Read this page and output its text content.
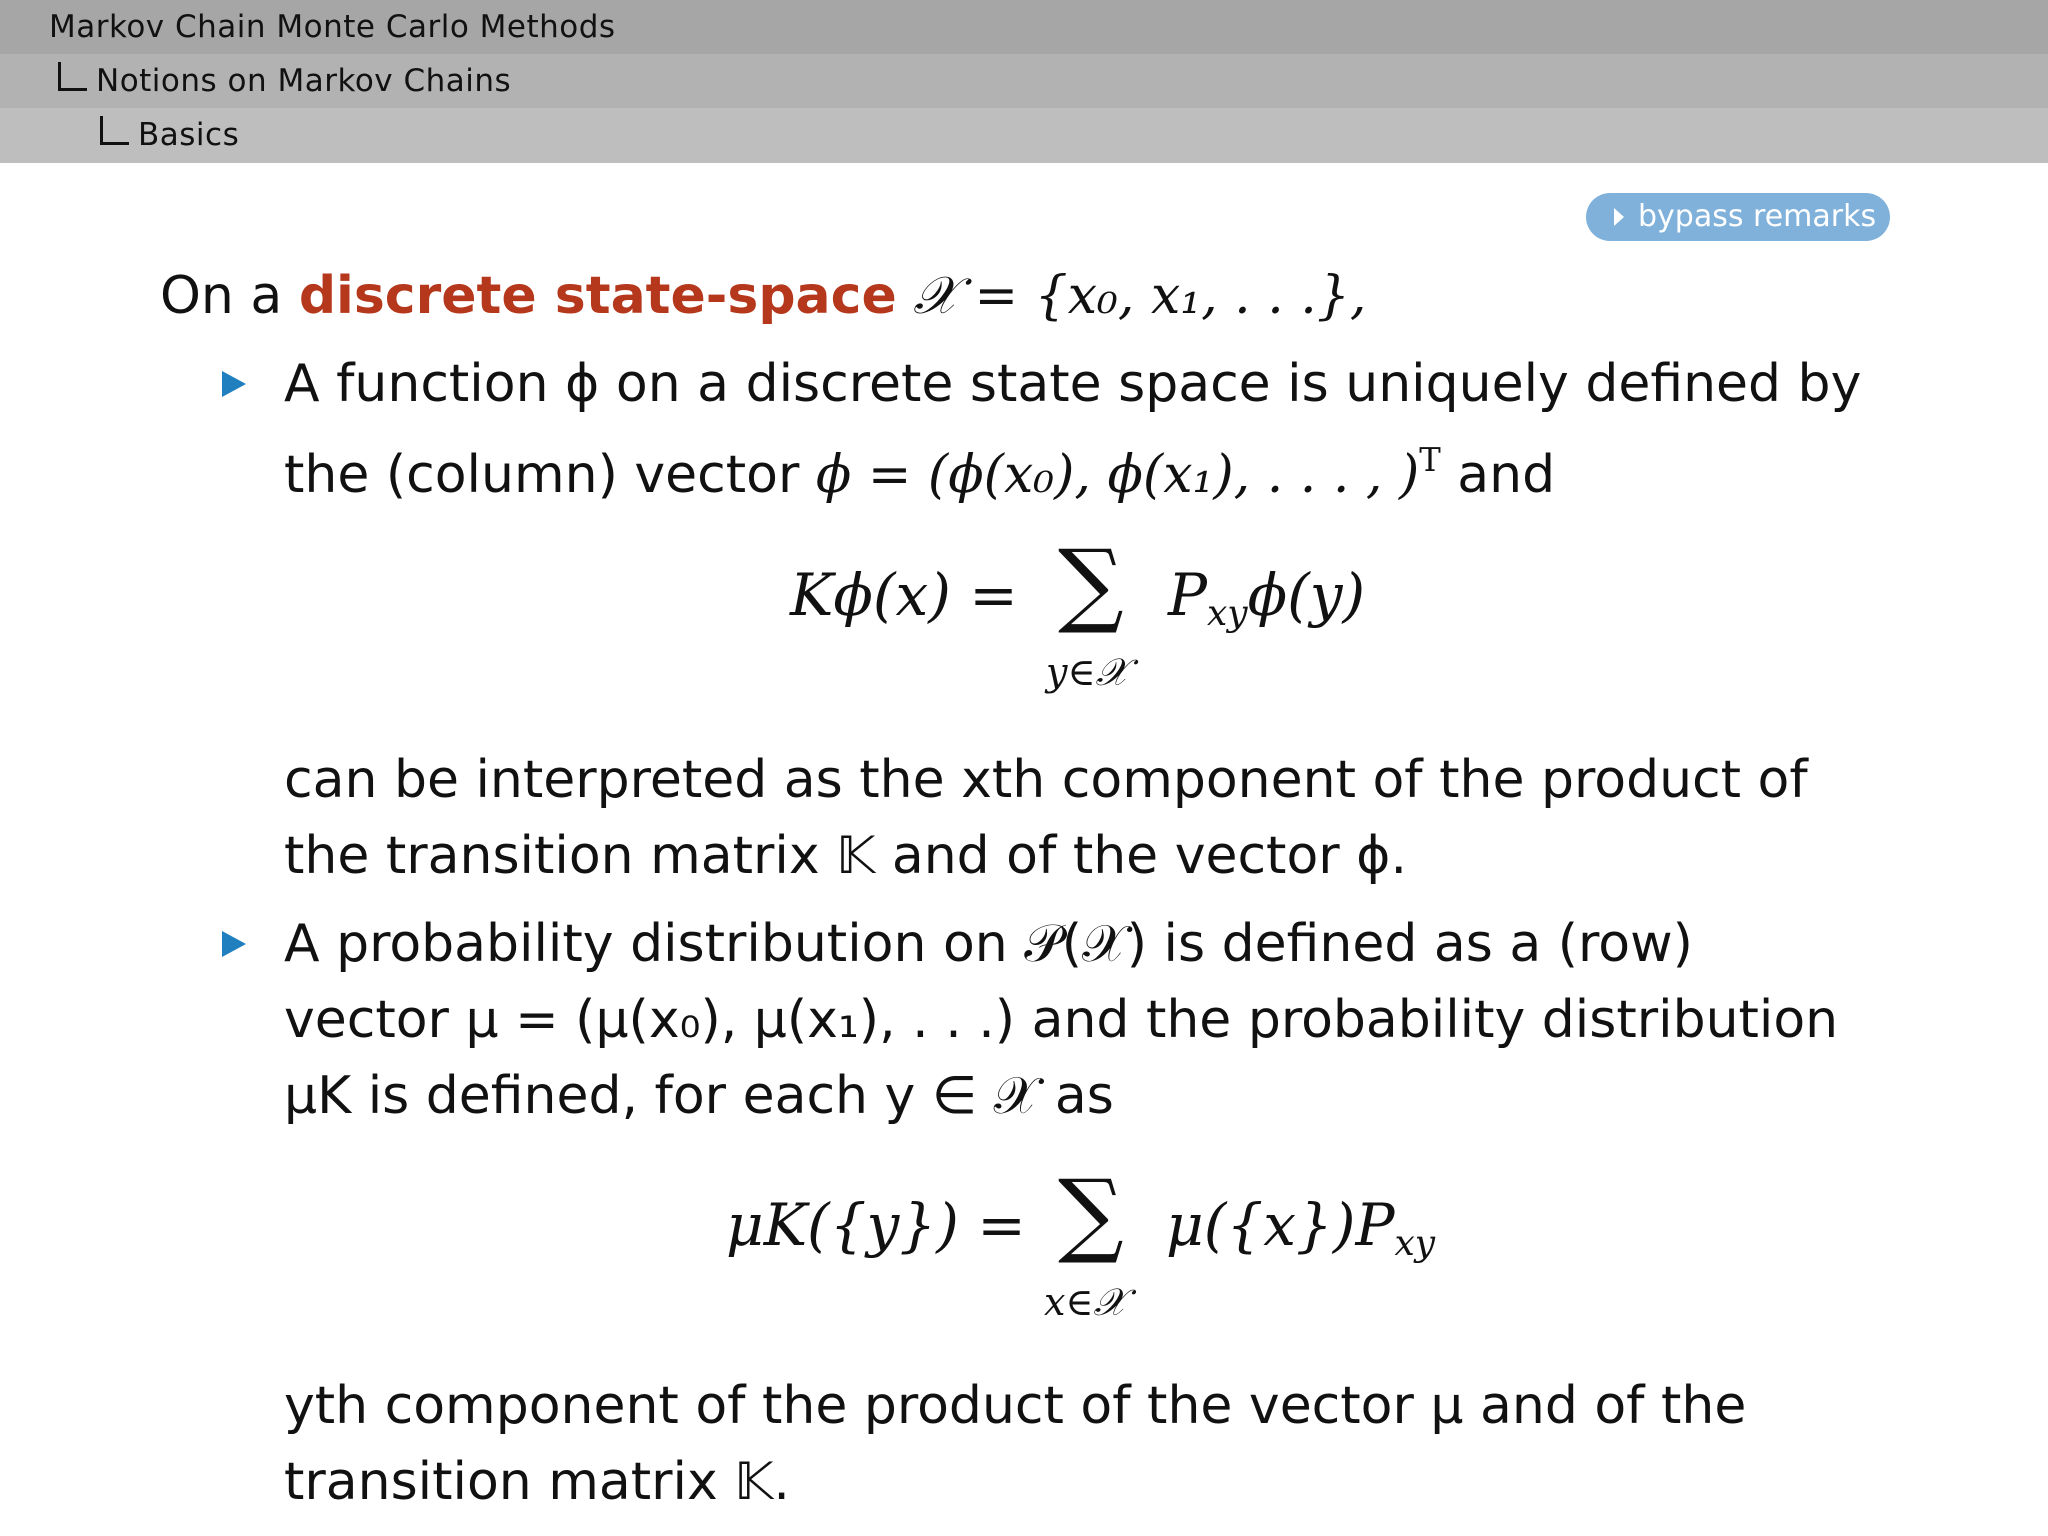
Markov Chain Monte Carlo Methods
Notions on Markov Chains
Basics
bypass remarks
On a discrete state-space 𝒳 = {x₀, x₁, . . .},
A function ϕ on a discrete state space is uniquely defined by
the (column) vector ϕ = (ϕ(x₀), ϕ(x₁), . . . , )$^T$ and
Kϕ(x) = ∑
y∈𝒳
$P_{xy}\phi(y)$
can be interpreted as the xth component of the product of
the transition matrix 𝕂 and of the vector ϕ.
A probability distribution on 𝒫(𝒳) is defined as a (row)
vector μ = (μ(x₀), μ(x₁), . . .) and the probability distribution
μK is defined, for each y ∈ 𝒳 as
μK({y}) = ∑
x∈𝒳
$\mu(\{x\})P_{xy}$
yth component of the product of the vector μ and of the
transition matrix 𝕂.
